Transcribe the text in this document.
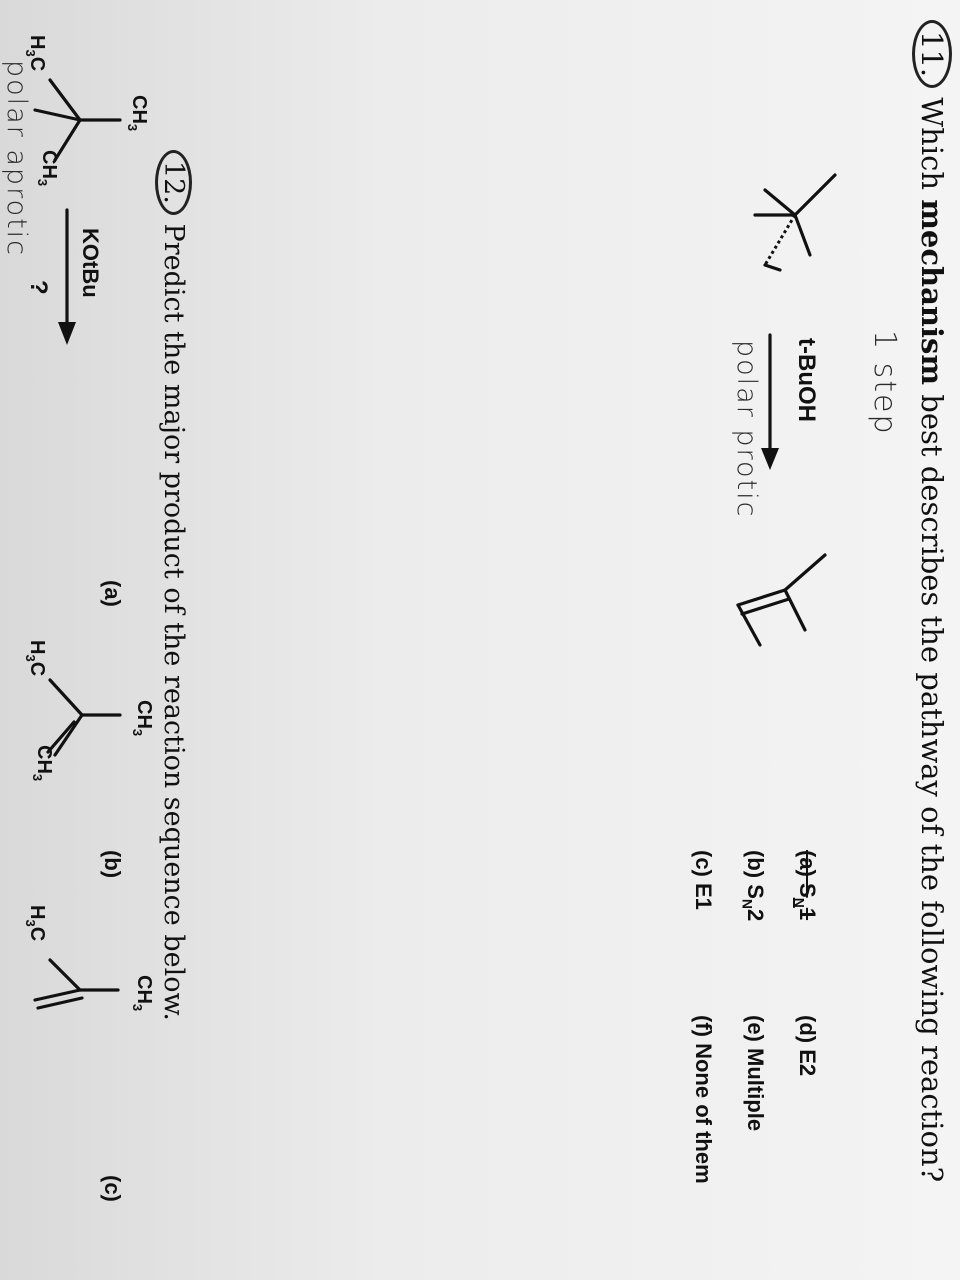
11. Which mechanism best describes the pathway of the following reaction?
1 step
t-BuOH
polar protic
(a) $S_N1$
(b) $S_N2$
(c) E1
(d) E2
(e) Multiple
(f) None of them
12. Predict the major product of the reaction sequence below.
$CH_3$
$CH_3$
$H_3C$
KOtBu
?
polar aprotic
(a)
$CH_3$
$CH_3$
$H_3C$
(b)
$CH_3$
$H_3C$
(c)
